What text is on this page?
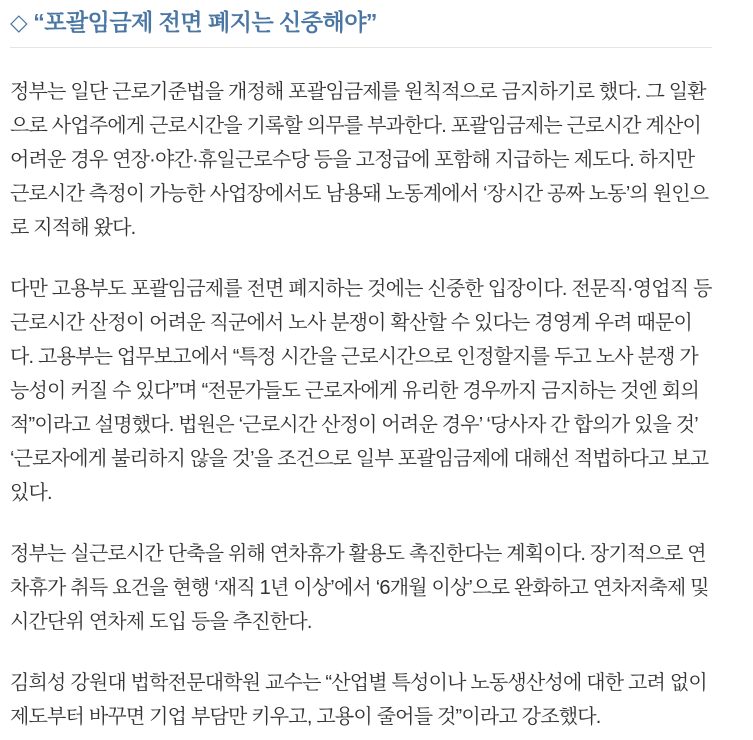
◇ “포괄임금제 전면 폐지는 신중해야”

정부는 일단 근로기준법을 개정해 포괄임금제를 원칙적으로 금지하기로 했다. 그 일환으로 사업주에게 근로시간을 기록할 의무를 부과한다. 포괄임금제는 근로시간 계산이 어려운 경우 연장·야간·휴일근로수당 등을 고정급에 포함해 지급하는 제도다. 하지만 근로시간 측정이 가능한 사업장에서도 남용돼 노동계에서 ‘장시간 공짜 노동’의 원인으로 지적해 왔다.

다만 고용부도 포괄임금제를 전면 폐지하는 것에는 신중한 입장이다. 전문직·영업직 등 근로시간 산정이 어려운 직군에서 노사 분쟁이 확산할 수 있다는 경영계 우려 때문이다. 고용부는 업무보고에서 “특정 시간을 근로시간으로 인정할지를 두고 노사 분쟁 가능성이 커질 수 있다”며 “전문가들도 근로자에게 유리한 경우까지 금지하는 것엔 회의적”이라고 설명했다. 법원은 ‘근로시간 산정이 어려운 경우’ ‘당사자 간 합의가 있을 것’ ‘근로자에게 불리하지 않을 것’을 조건으로 일부 포괄임금제에 대해선 적법하다고 보고 있다.

정부는 실근로시간 단축을 위해 연차휴가 활용도 촉진한다는 계획이다. 장기적으로 연차휴가 취득 요건을 현행 ‘재직 1년 이상’에서 ‘6개월 이상’으로 완화하고 연차저축제 및 시간단위 연차제 도입 등을 추진한다.

김희성 강원대 법학전문대학원 교수는 “산업별 특성이나 노동생산성에 대한 고려 없이 제도부터 바꾸면 기업 부담만 키우고, 고용이 줄어들 것”이라고 강조했다.
